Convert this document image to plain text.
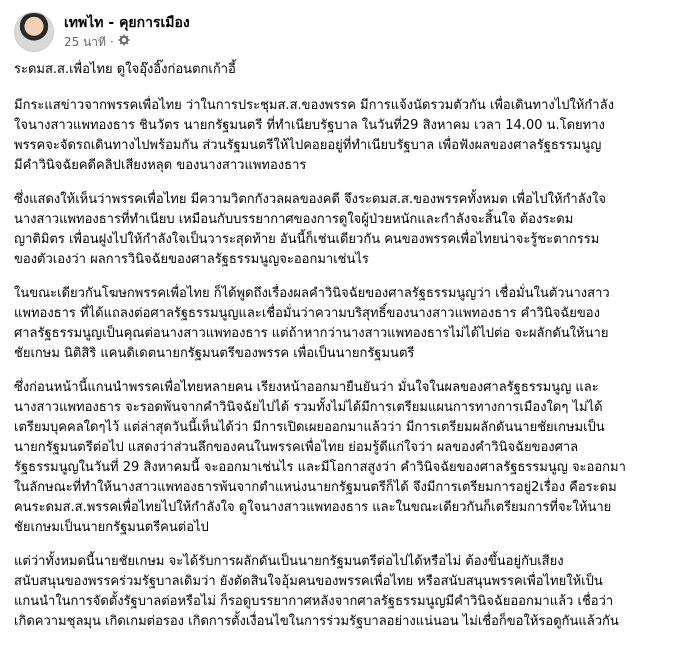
เทพไท - คุยการเมือง
25 นาที ·

ระดมส.ส.เพื่อไทย ดูใจอุ๊งอิ๊งก่อนตกเก้าอี้

มีกระแสข่าวจากพรรคเพื่อไทย ว่าในการประชุมส.ส.ของพรรค มีการแจ้งนัดรวมตัวกัน เพื่อเดินทางไปให้กำลัง
ใจนางสาวแพทองธาร ชินวัตร นายกรัฐมนตรี ที่ทำเนียบรัฐบาล ในวันที่29 สิงหาคม เวลา 14.00 น.โดยทาง
พรรคจะจัดรถเดินทางไปพร้อมกัน ส่วนรัฐมนตรีให้ไปคอยอยู่ที่ทำเนียบรัฐบาล เพื่อฟังผลของศาลรัฐธรรมนูญ
มีคำวินิจฉัยคดีคลิปเสียงหลุด ของนางสาวแพทองธาร

ซึ่งแสดงให้เห็นว่าพรรคเพื่อไทย มีความวิตกกังวลผลของคดี จึงระดมส.ส.ของพรรคทั้งหมด เพื่อไปให้กำลังใจ
นางสาวแพทองธารที่ทำเนียบ เหมือนกับบรรยากาศของการดูใจผู้ป่วยหนักและกำลังจะสิ้นใจ ต้องระดม
ญาติมิตร เพื่อนฝูงไปให้กำลังใจเป็นวาระสุดท้าย อันนี้ก็เช่นเดียวกัน คนของพรรคเพื่อไทยน่าจะรู้ชะตากรรม
ของตัวเองว่า ผลการวินิจฉัยของศาลรัฐธรรมนูญจะออกมาเช่นไร

ในขณะเดียวกันโฆษกพรรคเพื่อไทย ก็ได้พูดถึงเรื่องผลคำวินิจฉัยของศาลรัฐธรรมนูญว่า เชื่อมั่นในตัวนางสาว
แพทองธาร ที่ได้แถลงต่อศาลรัฐธรรมนูญและเชื่อมั่นว่าความบริสุทธิ์ของนางสาวแพทองธาร คำวินิจฉัยของ
ศาลรัฐธรรมนูญเป็นคุณต่อนางสาวแพทองธาร แต่ถ้าหากว่านางสาวแพทองธารไม่ได้ไปต่อ จะผลักดันให้นาย
ชัยเกษม นิติสิริ แคนดิเดตนายกรัฐมนตรีของพรรค เพื่อเป็นนายกรัฐมนตรี

ซึ่งก่อนหน้านี้แกนนำพรรคเพื่อไทยหลายคน เรียงหน้าออกมายืนยันว่า มั่นใจในผลของศาลรัฐธรรมนูญ และ
นางสาวแพทองธาร จะรอดพ้นจากคำวินิจฉัยไปได้ รวมทั้งไม่ได้มีการเตรียมแผนการทางการเมืองใดๆ ไม่ได้
เตรียมบุคคลใดๆไว้ แต่ล่าสุดวันนี้เห็นได้ว่า มีการเปิดเผยออกมาแล้วว่า มีการเตรียมผลักดันนายชัยเกษมเป็น
นายกรัฐมนตรีต่อไป แสดงว่าส่วนลึกของคนในพรรคเพื่อไทย ย่อมรู้ดีแก่ใจว่า ผลของคำวินิจฉัยของศาล
รัฐธรรมนูญในวันที่ 29 สิงหาคมนี้ จะออกมาเช่นไร และมีโอกาสสูงว่า คำวินิจฉัยของศาลรัฐธรรมนูญ จะออกมา
ในลักษณะที่ทำให้นางสาวแพทองธารพ้นจากตำแหน่งนายกรัฐมนตรีก็ได้ จึงมีการเตรียมการอยู่2เรื่อง คือระดม
คนระดมส.ส.พรรคเพื่อไทยไปให้กำลังใจ ดูใจนางสาวแพทองธาร และในขณะเดียวกันก็เตรียมการที่จะให้นาย
ชัยเกษมเป็นนายกรัฐมนตรีคนต่อไป

แต่ว่าทั้งหมดนี้นายชัยเกษม จะได้รับการผลักดันเป็นนายกรัฐมนตรีต่อไปได้หรือไม่ ต้องขึ้นอยู่กับเสียง
สนับสนุนของพรรคร่วมรัฐบาลเดิมว่า ยังตัดสินใจอุ้มคนของพรรคเพื่อไทย หรือสนับสนุนพรรคเพื่อไทยให้เป็น
แกนนำในการจัดตั้งรัฐบาลต่อหรือไม่ ก็รอดูบรรยากาศหลังจากศาลรัฐธรรมนูญมีคำวินิจฉัยออกมาแล้ว เชื่อว่า
เกิดความชุลมุน เกิดเกมต่อรอง เกิดการตั้งเงื่อนไขในการร่วมรัฐบาลอย่างแน่นอน ไม่เชื่อก็ขอให้รอดูกันแล้วกัน
